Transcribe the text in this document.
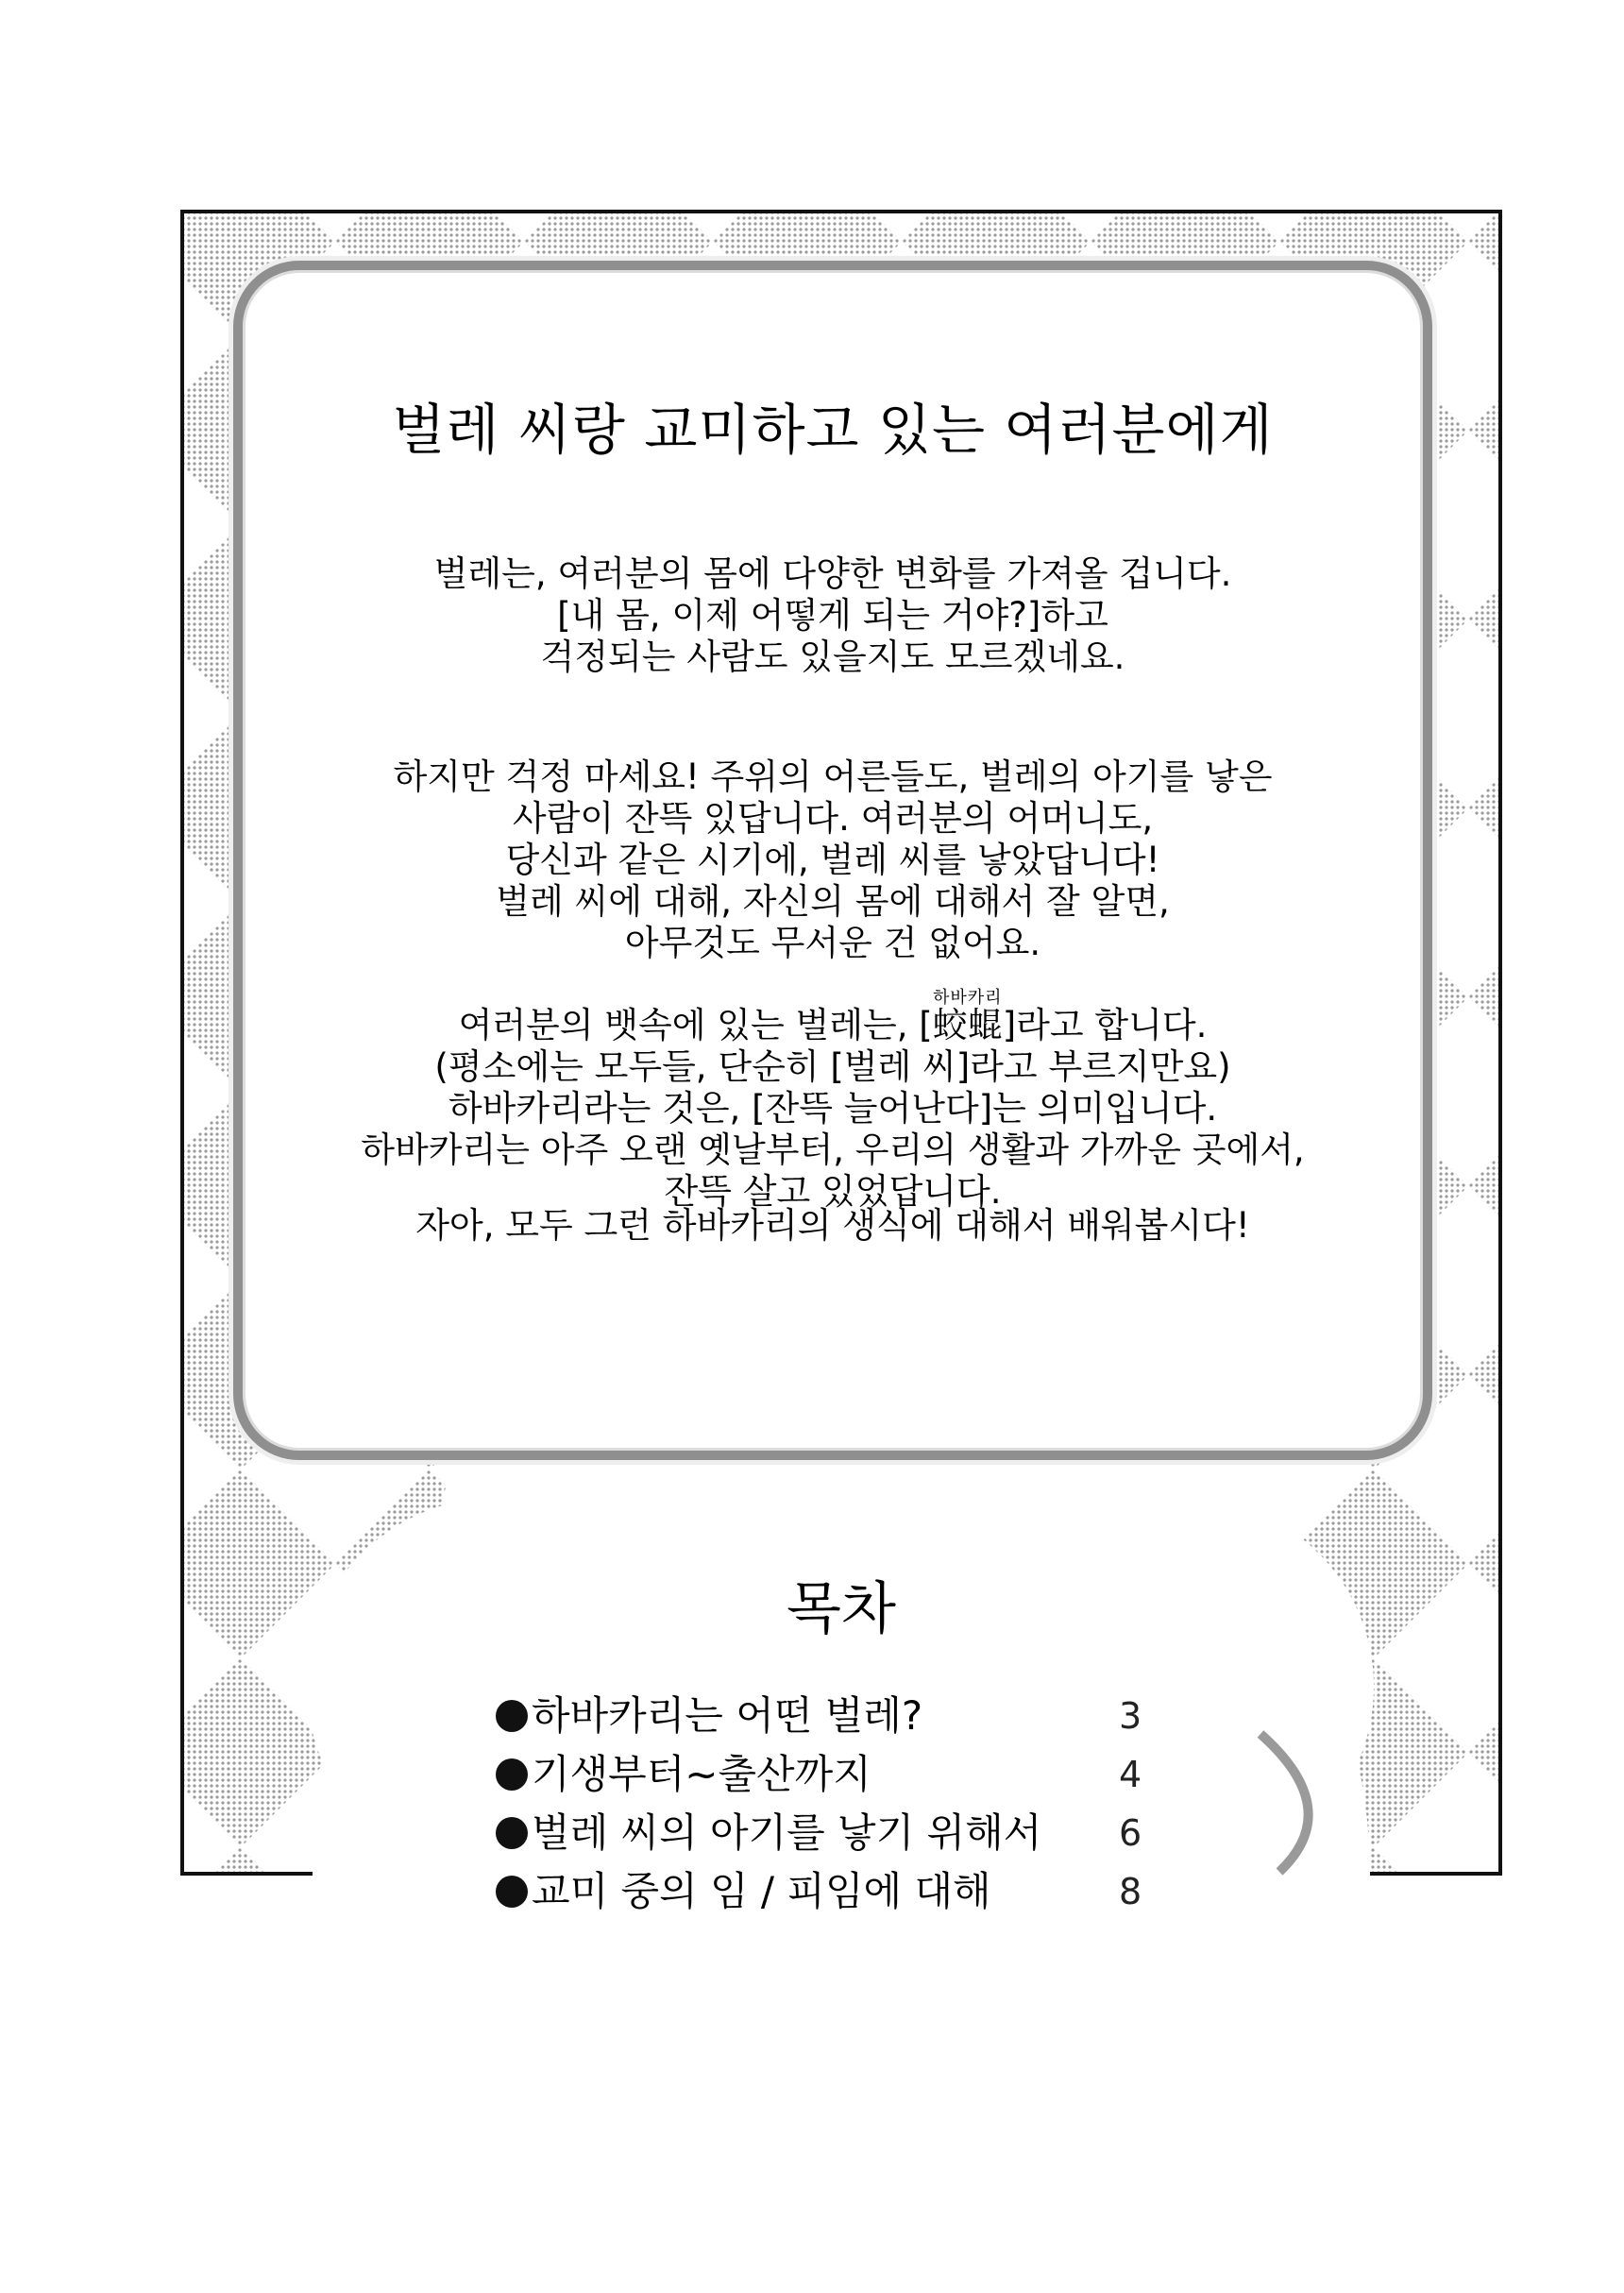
벌레 씨랑 교미하고 있는 여러분에게
벌레는, 여러분의 몸에 다양한 변화를 가져올 겁니다.
[내 몸, 이제 어떻게 되는 거야?]하고
걱정되는 사람도 있을지도 모르겠네요.
하지만 걱정 마세요! 주위의 어른들도, 벌레의 아기를 낳은
사람이 잔뜩 있답니다. 여러분의 어머니도,
당신과 같은 시기에, 벌레 씨를 낳았답니다!
벌레 씨에 대해, 자신의 몸에 대해서 잘 알면,
아무것도 무서운 건 없어요.
여러분의 뱃속에 있는 벌레는, [蛟蜫하바카리]라고 합니다.
(평소에는 모두들, 단순히 [벌레 씨]라고 부르지만요)
하바카리라는 것은, [잔뜩 늘어난다]는 의미입니다.
하바카리는 아주 오랜 옛날부터, 우리의 생활과 가까운 곳에서,
잔뜩 살고 있었답니다.
자아, 모두 그런 하바카리의 생식에 대해서 배워봅시다!
목차
하바카리는 어떤 벌레?	3
기생부터~출산까지	4
벌레 씨의 아기를 낳기 위해서 6
교미 중의 임 / 피임에 대해	8
